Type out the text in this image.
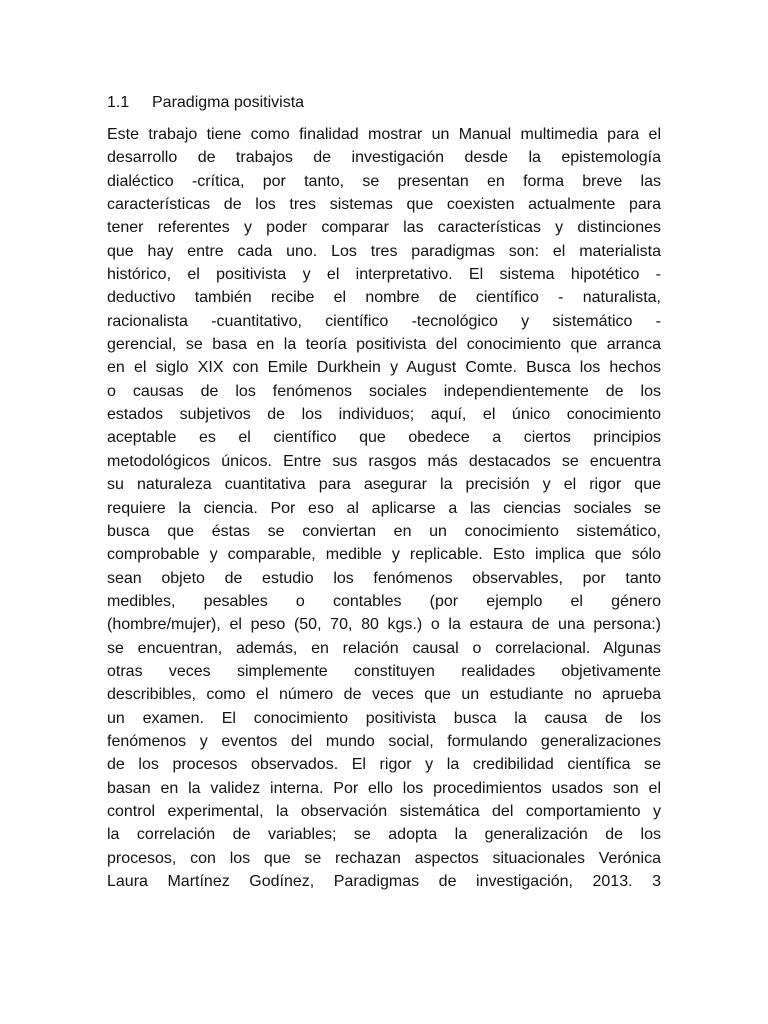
1.1 Paradigma positivista
Este trabajo tiene como finalidad mostrar un Manual multimedia para el
desarrollo de trabajos de investigación desde la epistemología
dialéctico -crítica, por tanto, se presentan en forma breve las
características de los tres sistemas que coexisten actualmente para
tener referentes y poder comparar las características y distinciones
que hay entre cada uno. Los tres paradigmas son: el materialista
histórico, el positivista y el interpretativo. El sistema hipotético -
deductivo también recibe el nombre de científico - naturalista,
racionalista -cuantitativo, científico -tecnológico y sistemático -
gerencial, se basa en la teoría positivista del conocimiento que arranca
en el siglo XIX con Emile Durkhein y August Comte. Busca los hechos
o causas de los fenómenos sociales independientemente de los
estados subjetivos de los individuos; aquí, el único conocimiento
aceptable es el científico que obedece a ciertos principios
metodológicos únicos. Entre sus rasgos más destacados se encuentra
su naturaleza cuantitativa para asegurar la precisión y el rigor que
requiere la ciencia. Por eso al aplicarse a las ciencias sociales se
busca que éstas se conviertan en un conocimiento sistemático,
comprobable y comparable, medible y replicable. Esto implica que sólo
sean objeto de estudio los fenómenos observables, por tanto
medibles, pesables o contables (por ejemplo el género
(hombre/mujer), el peso (50, 70, 80 kgs.) o la estaura de una persona:)
se encuentran, además, en relación causal o correlacional. Algunas
otras veces simplemente constituyen realidades objetivamente
describibles, como el número de veces que un estudiante no aprueba
un examen. El conocimiento positivista busca la causa de los
fenómenos y eventos del mundo social, formulando generalizaciones
de los procesos observados. El rigor y la credibilidad científica se
basan en la validez interna. Por ello los procedimientos usados son el
control experimental, la observación sistemática del comportamiento y
la correlación de variables; se adopta la generalización de los
procesos, con los que se rechazan aspectos situacionales Verónica
Laura Martínez Godínez, Paradigmas de investigación, 2013. 3
